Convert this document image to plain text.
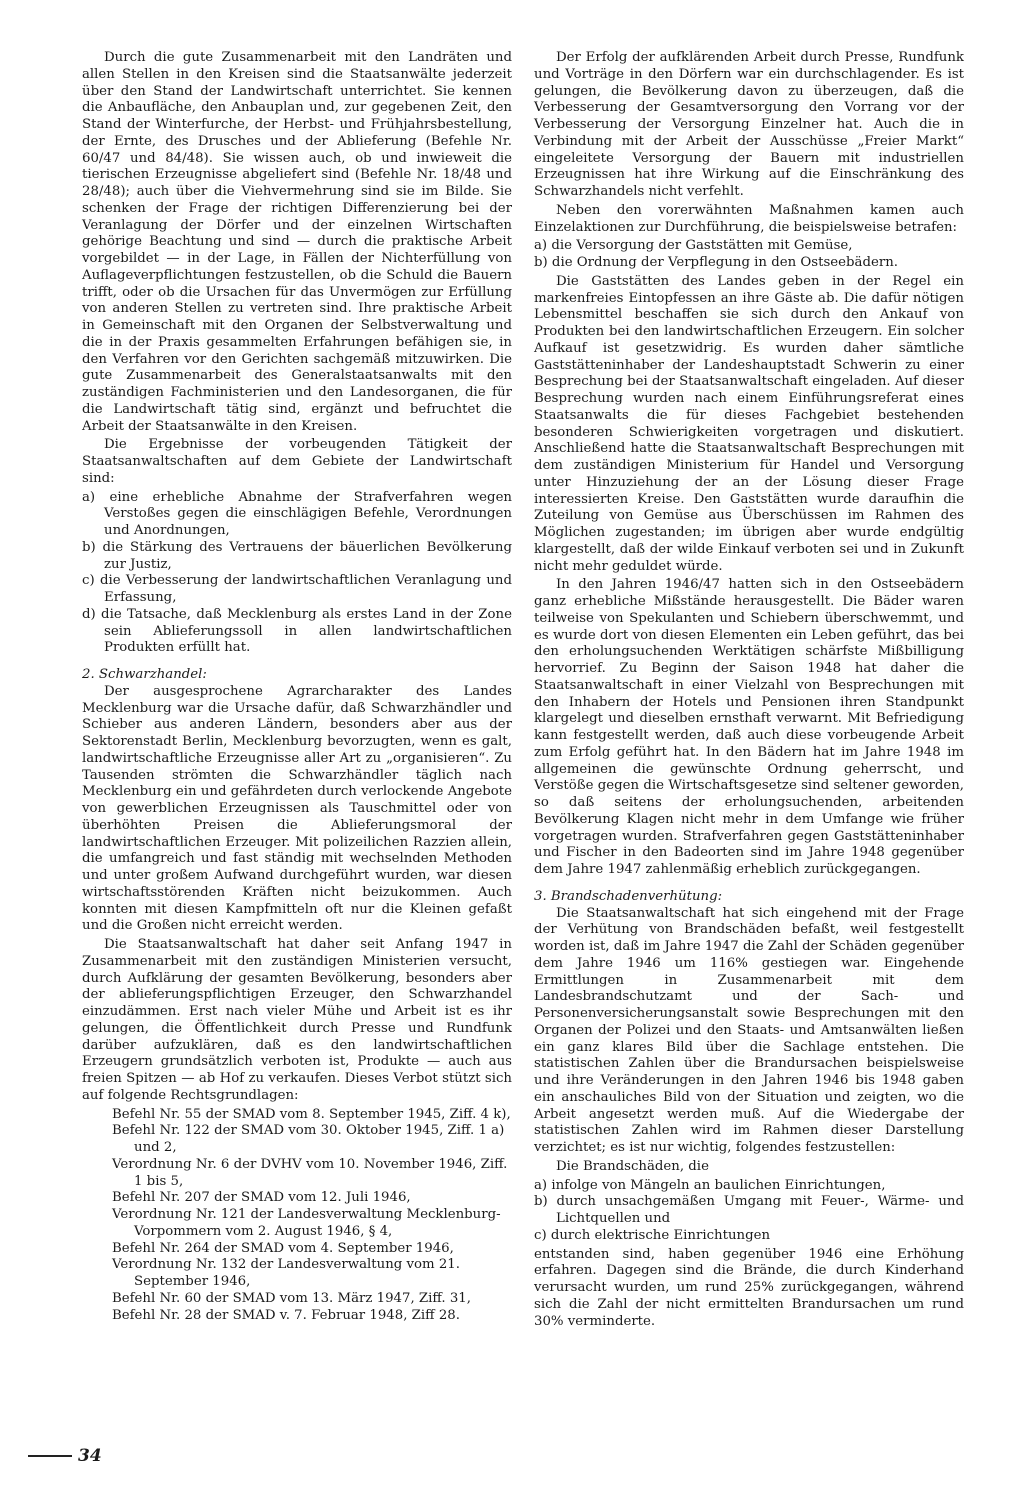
Durch die gute Zusammenarbeit mit den Landräten und allen Stellen in den Kreisen sind die Staatsanwälte jederzeit über den Stand der Landwirtschaft unterrichtet. Sie kennen die Anbaufläche, den Anbauplan und, zur gegebenen Zeit, den Stand der Winterfurche, der Herbst- und Frühjahrsbestellung, der Ernte, des Drusches und der Ablieferung (Befehle Nr. 60/47 und 84/48). Sie wissen auch, ob und inwieweit die tierischen Erzeugnisse abgeliefert sind (Befehle Nr. 18/48 und 28/48); auch über die Viehvermehrung sind sie im Bilde. Sie schenken der Frage der richtigen Differenzierung bei der Veranlagung der Dörfer und der einzelnen Wirtschaften gehörige Beachtung und sind — durch die praktische Arbeit vorgebildet — in der Lage, in Fällen der Nichterfüllung von Auflageverpflichtungen festzustellen, ob die Schuld die Bauern trifft, oder ob die Ursachen für das Unvermögen zur Erfüllung von anderen Stellen zu vertreten sind. Ihre praktische Arbeit in Gemeinschaft mit den Organen der Selbstverwaltung und die in der Praxis gesammelten Erfahrungen befähigen sie, in den Verfahren vor den Gerichten sachgemäß mitzuwirken. Die gute Zusammenarbeit des Generalstaatsanwalts mit den zuständigen Fachministerien und den Landesorganen, die für die Landwirtschaft tätig sind, ergänzt und befruchtet die Arbeit der Staatsanwälte in den Kreisen.

Die Ergebnisse der vorbeugenden Tätigkeit der Staatsanwaltschaften auf dem Gebiete der Landwirtschaft sind:

a) eine erhebliche Abnahme der Strafverfahren wegen Verstoßes gegen die einschlägigen Befehle, Verordnungen und Anordnungen,
b) die Stärkung des Vertrauens der bäuerlichen Bevölkerung zur Justiz,
c) die Verbesserung der landwirtschaftlichen Veranlagung und Erfassung,
d) die Tatsache, daß Mecklenburg als erstes Land in der Zone sein Ablieferungssoll in allen landwirtschaftlichen Produkten erfüllt hat.

2. Schwarzhandel:

Der ausgesprochene Agrarcharakter des Landes Mecklenburg war die Ursache dafür, daß Schwarzhändler und Schieber aus anderen Ländern, besonders aber aus der Sektorenstadt Berlin, Mecklenburg bevorzugten, wenn es galt, landwirtschaftliche Erzeugnisse aller Art zu „organisieren“. Zu Tausenden strömten die Schwarzhändler täglich nach Mecklenburg ein und gefährdeten durch verlockende Angebote von gewerblichen Erzeugnissen als Tauschmittel oder von überhöhten Preisen die Ablieferungsmoral der landwirtschaftlichen Erzeuger. Mit polizeilichen Razzien allein, die umfangreich und fast ständig mit wechselnden Methoden und unter großem Aufwand durchgeführt wurden, war diesen wirtschaftsstörenden Kräften nicht beizukommen. Auch konnten mit diesen Kampfmitteln oft nur die Kleinen gefaßt und die Großen nicht erreicht werden.

Die Staatsanwaltschaft hat daher seit Anfang 1947 in Zusammenarbeit mit den zuständigen Ministerien versucht, durch Aufklärung der gesamten Bevölkerung, besonders aber der ablieferungspflichtigen Erzeuger, den Schwarzhandel einzudämmen. Erst nach vieler Mühe und Arbeit ist es ihr gelungen, die Öffentlichkeit durch Presse und Rundfunk darüber aufzuklären, daß es den landwirtschaftlichen Erzeugern grundsätzlich verboten ist, Produkte — auch aus freien Spitzen — ab Hof zu verkaufen. Dieses Verbot stützt sich auf folgende Rechtsgrundlagen:

Befehl Nr. 55 der SMAD vom 8. September 1945, Ziff. 4 k),
Befehl Nr. 122 der SMAD vom 30. Oktober 1945, Ziff. 1 a) und 2,
Verordnung Nr. 6 der DVHV vom 10. November 1946, Ziff. 1 bis 5,
Befehl Nr. 207 der SMAD vom 12. Juli 1946,
Verordnung Nr. 121 der Landesverwaltung Mecklenburg-Vorpommern vom 2. August 1946, § 4,
Befehl Nr. 264 der SMAD vom 4. September 1946,
Verordnung Nr. 132 der Landesverwaltung vom 21. September 1946,
Befehl Nr. 60 der SMAD vom 13. März 1947, Ziff. 31,
Befehl Nr. 28 der SMAD v. 7. Februar 1948, Ziff 28.

Der Erfolg der aufklärenden Arbeit durch Presse, Rundfunk und Vorträge in den Dörfern war ein durchschlagender. Es ist gelungen, die Bevölkerung davon zu überzeugen, daß die Verbesserung der Gesamtversorgung den Vorrang vor der Verbesserung der Versorgung Einzelner hat. Auch die in Verbindung mit der Arbeit der Ausschüsse „Freier Markt“ eingeleitete Versorgung der Bauern mit industriellen Erzeugnissen hat ihre Wirkung auf die Einschränkung des Schwarzhandels nicht verfehlt.

Neben den vorerwähnten Maßnahmen kamen auch Einzelaktionen zur Durchführung, die beispielsweise betrafen:

a) die Versorgung der Gaststätten mit Gemüse,
b) die Ordnung der Verpflegung in den Ostseebädern.

Die Gaststätten des Landes geben in der Regel ein markenfreies Eintopfessen an ihre Gäste ab. Die dafür nötigen Lebensmittel beschaffen sie sich durch den Ankauf von Produkten bei den landwirtschaftlichen Erzeugern. Ein solcher Aufkauf ist gesetzwidrig. Es wurden daher sämtliche Gaststätteninhaber der Landeshauptstadt Schwerin zu einer Besprechung bei der Staatsanwaltschaft eingeladen. Auf dieser Besprechung wurden nach einem Einführungsreferat eines Staatsanwalts die für dieses Fachgebiet bestehenden besonderen Schwierigkeiten vorgetragen und diskutiert. Anschließend hatte die Staatsanwaltschaft Besprechungen mit dem zuständigen Ministerium für Handel und Versorgung unter Hinzuziehung der an der Lösung dieser Frage interessierten Kreise. Den Gaststätten wurde daraufhin die Zuteilung von Gemüse aus Überschüssen im Rahmen des Möglichen zugestanden; im übrigen aber wurde endgültig klargestellt, daß der wilde Einkauf verboten sei und in Zukunft nicht mehr geduldet würde.

In den Jahren 1946/47 hatten sich in den Ostseebädern ganz erhebliche Mißstände herausgestellt. Die Bäder waren teilweise von Spekulanten und Schiebern überschwemmt, und es wurde dort von diesen Elementen ein Leben geführt, das bei den erholungsuchenden Werktätigen schärfste Mißbilligung hervorrief. Zu Beginn der Saison 1948 hat daher die Staatsanwaltschaft in einer Vielzahl von Besprechungen mit den Inhabern der Hotels und Pensionen ihren Standpunkt klargelegt und dieselben ernsthaft verwarnt. Mit Befriedigung kann festgestellt werden, daß auch diese vorbeugende Arbeit zum Erfolg geführt hat. In den Bädern hat im Jahre 1948 im allgemeinen die gewünschte Ordnung geherrscht, und Verstöße gegen die Wirtschaftsgesetze sind seltener geworden, so daß seitens der erholungsuchenden, arbeitenden Bevölkerung Klagen nicht mehr in dem Umfange wie früher vorgetragen wurden. Strafverfahren gegen Gaststätteninhaber und Fischer in den Badeorten sind im Jahre 1948 gegenüber dem Jahre 1947 zahlenmäßig erheblich zurückgegangen.

3. Brandschadenverhütung:

Die Staatsanwaltschaft hat sich eingehend mit der Frage der Verhütung von Brandschäden befaßt, weil festgestellt worden ist, daß im Jahre 1947 die Zahl der Schäden gegenüber dem Jahre 1946 um 116% gestiegen war. Eingehende Ermittlungen in Zusammenarbeit mit dem Landesbrandschutzamt und der Sach- und Personenversicherungsanstalt sowie Besprechungen mit den Organen der Polizei und den Staats- und Amtsanwälten ließen ein ganz klares Bild über die Sachlage entstehen. Die statistischen Zahlen über die Brandursachen beispielsweise und ihre Veränderungen in den Jahren 1946 bis 1948 gaben ein anschauliches Bild von der Situation und zeigten, wo die Arbeit angesetzt werden muß. Auf die Wiedergabe der statistischen Zahlen wird im Rahmen dieser Darstellung verzichtet; es ist nur wichtig, folgendes festzustellen:

Die Brandschäden, die

a) infolge von Mängeln an baulichen Einrichtungen,
b) durch unsachgemäßen Umgang mit Feuer-, Wärme- und Lichtquellen und
c) durch elektrische Einrichtungen

entstanden sind, haben gegenüber 1946 eine Erhöhung erfahren. Dagegen sind die Brände, die durch Kinderhand verursacht wurden, um rund 25% zurückgegangen, während sich die Zahl der nicht ermittelten Brandursachen um rund 30% verminderte.

34
